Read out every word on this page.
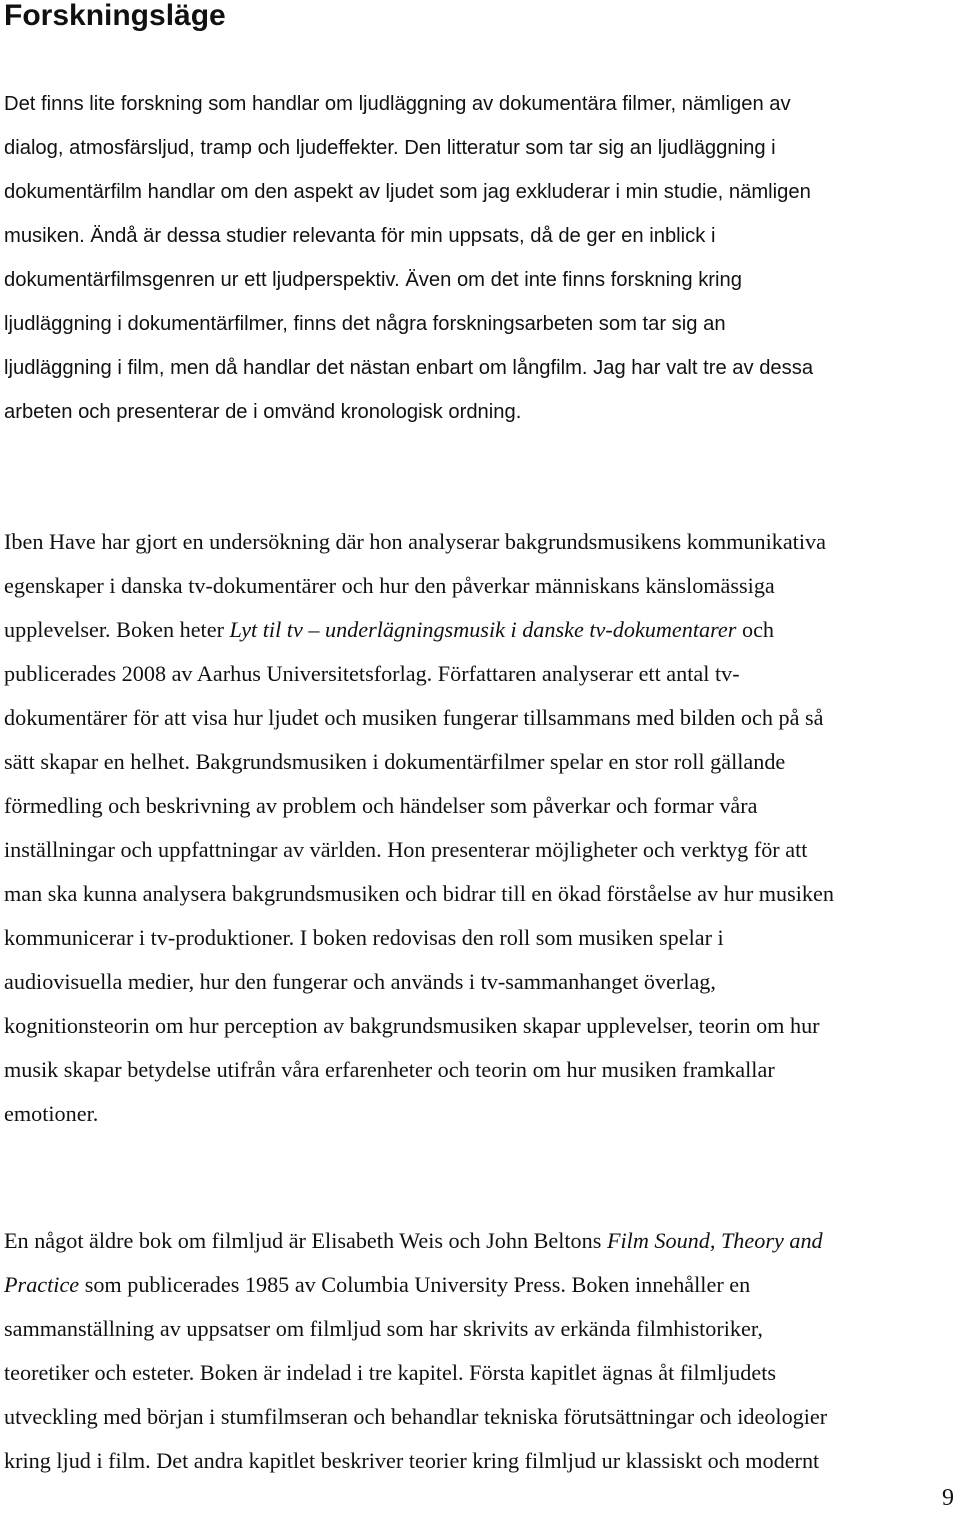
Forskningsläge
Det finns lite forskning som handlar om ljudläggning av dokumentära filmer, nämligen av
dialog, atmosfärsljud, tramp och ljudeffekter. Den litteratur som tar sig an ljudläggning i
dokumentärfilm handlar om den aspekt av ljudet som jag exkluderar i min studie, nämligen
musiken. Ändå är dessa studier relevanta för min uppsats, då de ger en inblick i
dokumentärfilmsgenren ur ett ljudperspektiv. Även om det inte finns forskning kring
ljudläggning i dokumentärfilmer, finns det några forskningsarbeten som tar sig an
ljudläggning i film, men då handlar det nästan enbart om långfilm. Jag har valt tre av dessa
arbeten och presenterar de i omvänd kronologisk ordning.
Iben Have har gjort en undersökning där hon analyserar bakgrundsmusikens kommunikativa
egenskaper i danska tv-dokumentärer och hur den påverkar människans känslomässiga
upplevelser. Boken heter Lyt til tv – underlägningsmusik i danske tv-dokumentarer och
publicerades 2008 av Aarhus Universitetsforlag. Författaren analyserar ett antal tv-
dokumentärer för att visa hur ljudet och musiken fungerar tillsammans med bilden och på så
sätt skapar en helhet. Bakgrundsmusiken i dokumentärfilmer spelar en stor roll gällande
förmedling och beskrivning av problem och händelser som påverkar och formar våra
inställningar och uppfattningar av världen. Hon presenterar möjligheter och verktyg för att
man ska kunna analysera bakgrundsmusiken och bidrar till en ökad förståelse av hur musiken
kommunicerar i tv-produktioner. I boken redovisas den roll som musiken spelar i
audiovisuella medier, hur den fungerar och används i tv-sammanhanget överlag,
kognitionsteorin om hur perception av bakgrundsmusiken skapar upplevelser, teorin om hur
musik skapar betydelse utifrån våra erfarenheter och teorin om hur musiken framkallar
emotioner.
En något äldre bok om filmljud är Elisabeth Weis och John Beltons Film Sound, Theory and
Practice som publicerades 1985 av Columbia University Press. Boken innehåller en
sammanställning av uppsatser om filmljud som har skrivits av erkända filmhistoriker,
teoretiker och esteter. Boken är indelad i tre kapitel. Första kapitlet ägnas åt filmljudets
utveckling med början i stumfilmseran och behandlar tekniska förutsättningar och ideologier
kring ljud i film. Det andra kapitlet beskriver teorier kring filmljud ur klassiskt och modernt
9
